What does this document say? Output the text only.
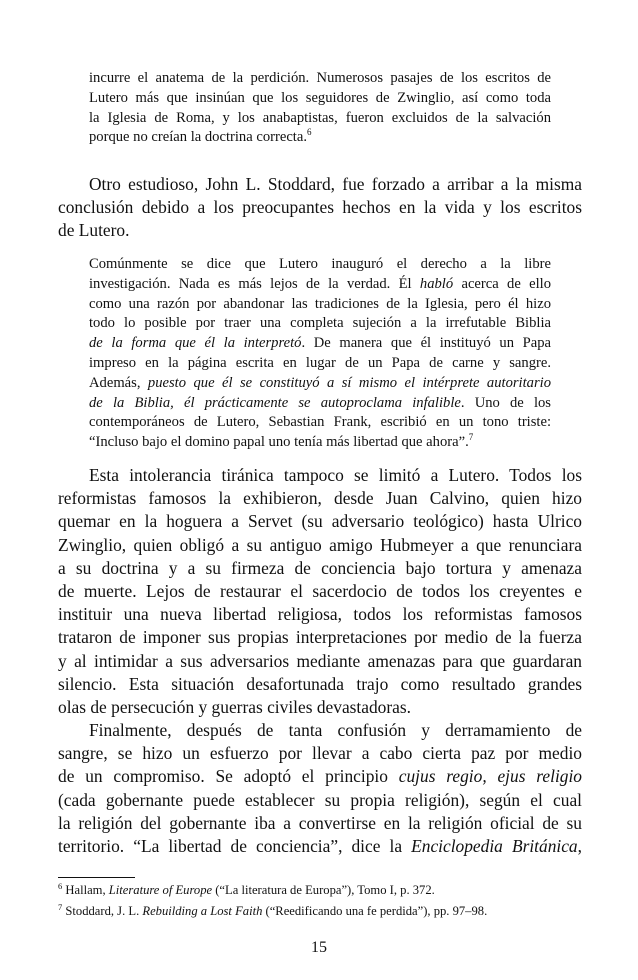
incurre el anatema de la perdición. Numerosos pasajes de los escritos de
Lutero más que insinúan que los seguidores de Zwinglio, así como toda
la Iglesia de Roma, y los anabaptistas, fueron excluidos de la salvación
porque no creían la doctrina correcta.$^6$
Otro estudioso, John L. Stoddard, fue forzado a arribar a la misma
conclusión debido a los preocupantes hechos en la vida y los escritos
de Lutero.
Comúnmente se dice que Lutero inauguró el derecho a la libre
investigación. Nada es más lejos de la verdad. Él habló acerca de ello
como una razón por abandonar las tradiciones de la Iglesia, pero él hizo
todo lo posible por traer una completa sujeción a la irrefutable Biblia
de la forma que él la interpretó. De manera que él instituyó un Papa
impreso en la página escrita en lugar de un Papa de carne y sangre.
Además, puesto que él se constituyó a sí mismo el intérprete autoritario
de la Biblia, él prácticamente se autoproclama infalible. Uno de los
contemporáneos de Lutero, Sebastian Frank, escribió en un tono triste:
“Incluso bajo el domino papal uno tenía más libertad que ahora”.$^7$
Esta intolerancia tiránica tampoco se limitó a Lutero. Todos los
reformistas famosos la exhibieron, desde Juan Calvino, quien hizo
quemar en la hoguera a Servet (su adversario teológico) hasta Ulrico
Zwinglio, quien obligó a su antiguo amigo Hubmeyer a que renunciara
a su doctrina y a su firmeza de conciencia bajo tortura y amenaza
de muerte. Lejos de restaurar el sacerdocio de todos los creyentes e
instituir una nueva libertad religiosa, todos los reformistas famosos
trataron de imponer sus propias interpretaciones por medio de la fuerza
y al intimidar a sus adversarios mediante amenazas para que guardaran
silencio. Esta situación desafortunada trajo como resultado grandes
olas de persecución y guerras civiles devastadoras.
Finalmente, después de tanta confusión y derramamiento de
sangre, se hizo un esfuerzo por llevar a cabo cierta paz por medio
de un compromiso. Se adoptó el principio cujus regio, ejus religio
(cada gobernante puede establecer su propia religión), según el cual
la religión del gobernante iba a convertirse en la religión oficial de su
territorio. “La libertad de conciencia”, dice la Enciclopedia Británica,
$^6$ Hallam, Literature of Europe (“La literatura de Europa”), Tomo I, p. 372.
$^7$ Stoddard, J. L. Rebuilding a Lost Faith (“Reedificando una fe perdida”), pp. 97–98.
15
